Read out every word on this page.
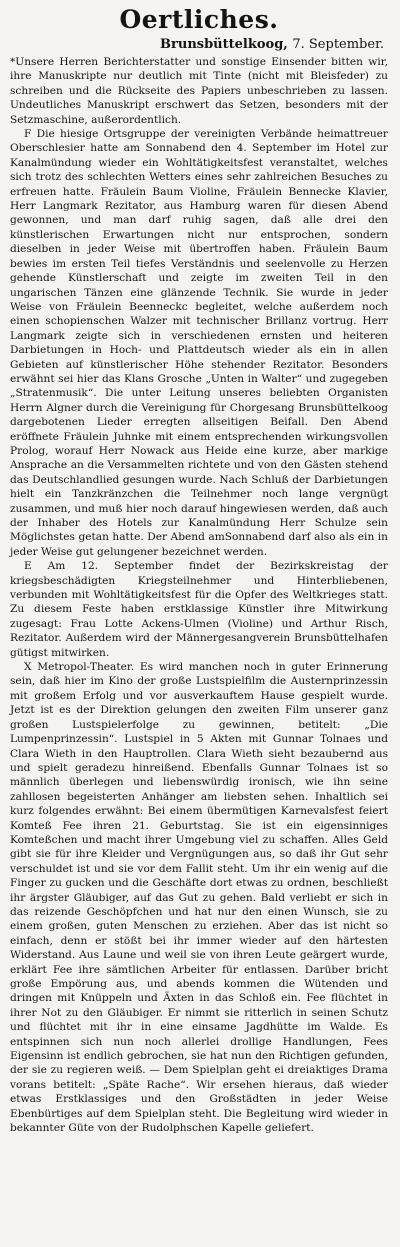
Oertliches.
Brunsbüttelkoog, 7. September.

*Unsere Herren Berichterstatter und sonstige Einsender bitten wir, ihre Manuskripte nur deutlich mit Tinte (nicht mit Bleisfeder) zu schreiben und die Rückseite des Papiers unbeschrieben zu lassen. Undeutliches Manuskript erschwert das Setzen, besonders mit der Setzmaschine, außerordentlich.

F Die hiesige Ortsgruppe der vereinigten Verbände heimattreuer Oberschlesier hatte am Sonnabend den 4. September im Hotel zur Kanalmündung wieder ein Wohltätigkeitsfest veranstaltet, welches sich trotz des schlechten Wetters eines sehr zahlreichen Besuches zu erfreuen hatte. Fräulein Baum Violine, Fräulein Bennecke Klavier, Herr Langmark Rezitator, aus Hamburg waren für diesen Abend gewonnen, und man darf ruhig sagen, daß alle drei den künstlerischen Erwartungen nicht nur entsprochen, sondern dieselben in jeder Weise mit übertroffen haben. Fräulein Baum bewies im ersten Teil tiefes Verständnis und seelenvolle zu Herzen gehende Künstlerschaft und zeigte im zweiten Teil in den ungarischen Tänzen eine glänzende Technik. Sie wurde in jeder Weise von Fräulein Beenneckc begleitet, welche außerdem noch einen schopienschen Walzer mit technischer Brillanz vortrug. Herr Langmark zeigte sich in verschiedenen ernsten und heiteren Darbietungen in Hoch- und Plattdeutsch wieder als ein in allen Gebieten auf künstlerischer Höhe stehender Rezitator. Besonders erwähnt sei hier das Klans Grosche „Unten in Walter“ und zugegeben „Stratenmusik“. Die unter Leitung unseres beliebten Organisten Herrn Algner durch die Vereinigung für Chorgesang Brunsbüttelkoog dargebotenen Lieder erregten allseitigen Beifall. Den Abend eröffnete Fräulein Juhnke mit einem entsprechenden wirkungsvollen Prolog, worauf Herr Nowack aus Heide eine kurze, aber markige Ansprache an die Versammelten richtete und von den Gästen stehend das Deutschlandlied gesungen wurde. Nach Schluß der Darbietungen hielt ein Tanzkränzchen die Teilnehmer noch lange vergnügt zusammen, und muß hier noch darauf hingewiesen werden, daß auch der Inhaber des Hotels zur Kanalmündung Herr Schulze sein Möglichstes getan hatte. Der Abend amSonnabend darf also als ein in jeder Weise gut gelungener bezeichnet werden.

E Am 12. September findet der Bezirkskreistag der kriegsbeschädigten Kriegsteilnehmer und Hinterbliebenen, verbunden mit Wohltätigkeitsfest für die Opfer des Weltkrieges statt. Zu diesem Feste haben erstklassige Künstler ihre Mitwirkung zugesagt: Frau Lotte Ackens-Ulmen (Violine) und Arthur Risch, Rezitator. Außerdem wird der Männergesangverein Brunsbüttelhafen gütigst mitwirken.

X Metropol-Theater. Es wird manchen noch in guter Erinnerung sein, daß hier im Kino der große Lustspielfilm die Austernprinzessin mit großem Erfolg und vor ausverkauftem Hause gespielt wurde. Jetzt ist es der Direktion gelungen den zweiten Film unserer ganz großen Lustspielerfolge zu gewinnen, betitelt: „Die Lumpenprinzessin“. Lustspiel in 5 Akten mit Gunnar Tolnaes und Clara Wieth in den Hauptrollen. Clara Wieth sieht bezaubernd aus und spielt geradezu hinreißend. Ebenfalls Gunnar Tolnaes ist so männlich überlegen und liebenswürdig ironisch, wie ihn seine zahllosen begeisterten Anhänger am liebsten sehen. Inhaltlich sei kurz folgendes erwähnt: Bei einem übermütigen Karnevalsfest feiert Komteß Fee ihren 21. Geburtstag. Sie ist ein eigensinniges Komteßchen und macht ihrer Umgebung viel zu schaffen. Alles Geld gibt sie für ihre Kleider und Vergnügungen aus, so daß ihr Gut sehr verschuldet ist und sie vor dem Fallit steht. Um ihr ein wenig auf die Finger zu gucken und die Geschäfte dort etwas zu ordnen, beschließt ihr ärgster Gläubiger, auf das Gut zu gehen. Bald verliebt er sich in das reizende Geschöpfchen und hat nur den einen Wunsch, sie zu einem großen, guten Menschen zu erziehen. Aber das ist nicht so einfach, denn er stößt bei ihr immer wieder auf den härtesten Widerstand. Aus Laune und weil sie von ihren Leute geärgert wurde, erklärt Fee ihre sämtlichen Arbeiter für entlassen. Darüber bricht große Empörung aus, und abends kommen die Wütenden und dringen mit Knüppeln und Äxten in das Schloß ein. Fee flüchtet in ihrer Not zu den Gläubiger. Er nimmt sie ritterlich in seinen Schutz und flüchtet mit ihr in eine einsame Jagdhütte im Walde. Es entspinnen sich nun noch allerlei drollige Handlungen, Fees Eigensinn ist endlich gebrochen, sie hat nun den Richtigen gefunden, der sie zu regieren weiß. — Dem Spielplan geht ei dreiaktiges Drama vorans betitelt: „Späte Rache“. Wir ersehen hieraus, daß wieder etwas Erstklassiges und den Großstädten in jeder Weise Ebenbürtiges auf dem Spielplan steht. Die Begleitung wird wieder in bekannter Güte von der Rudolphschen Kapelle geliefert.
